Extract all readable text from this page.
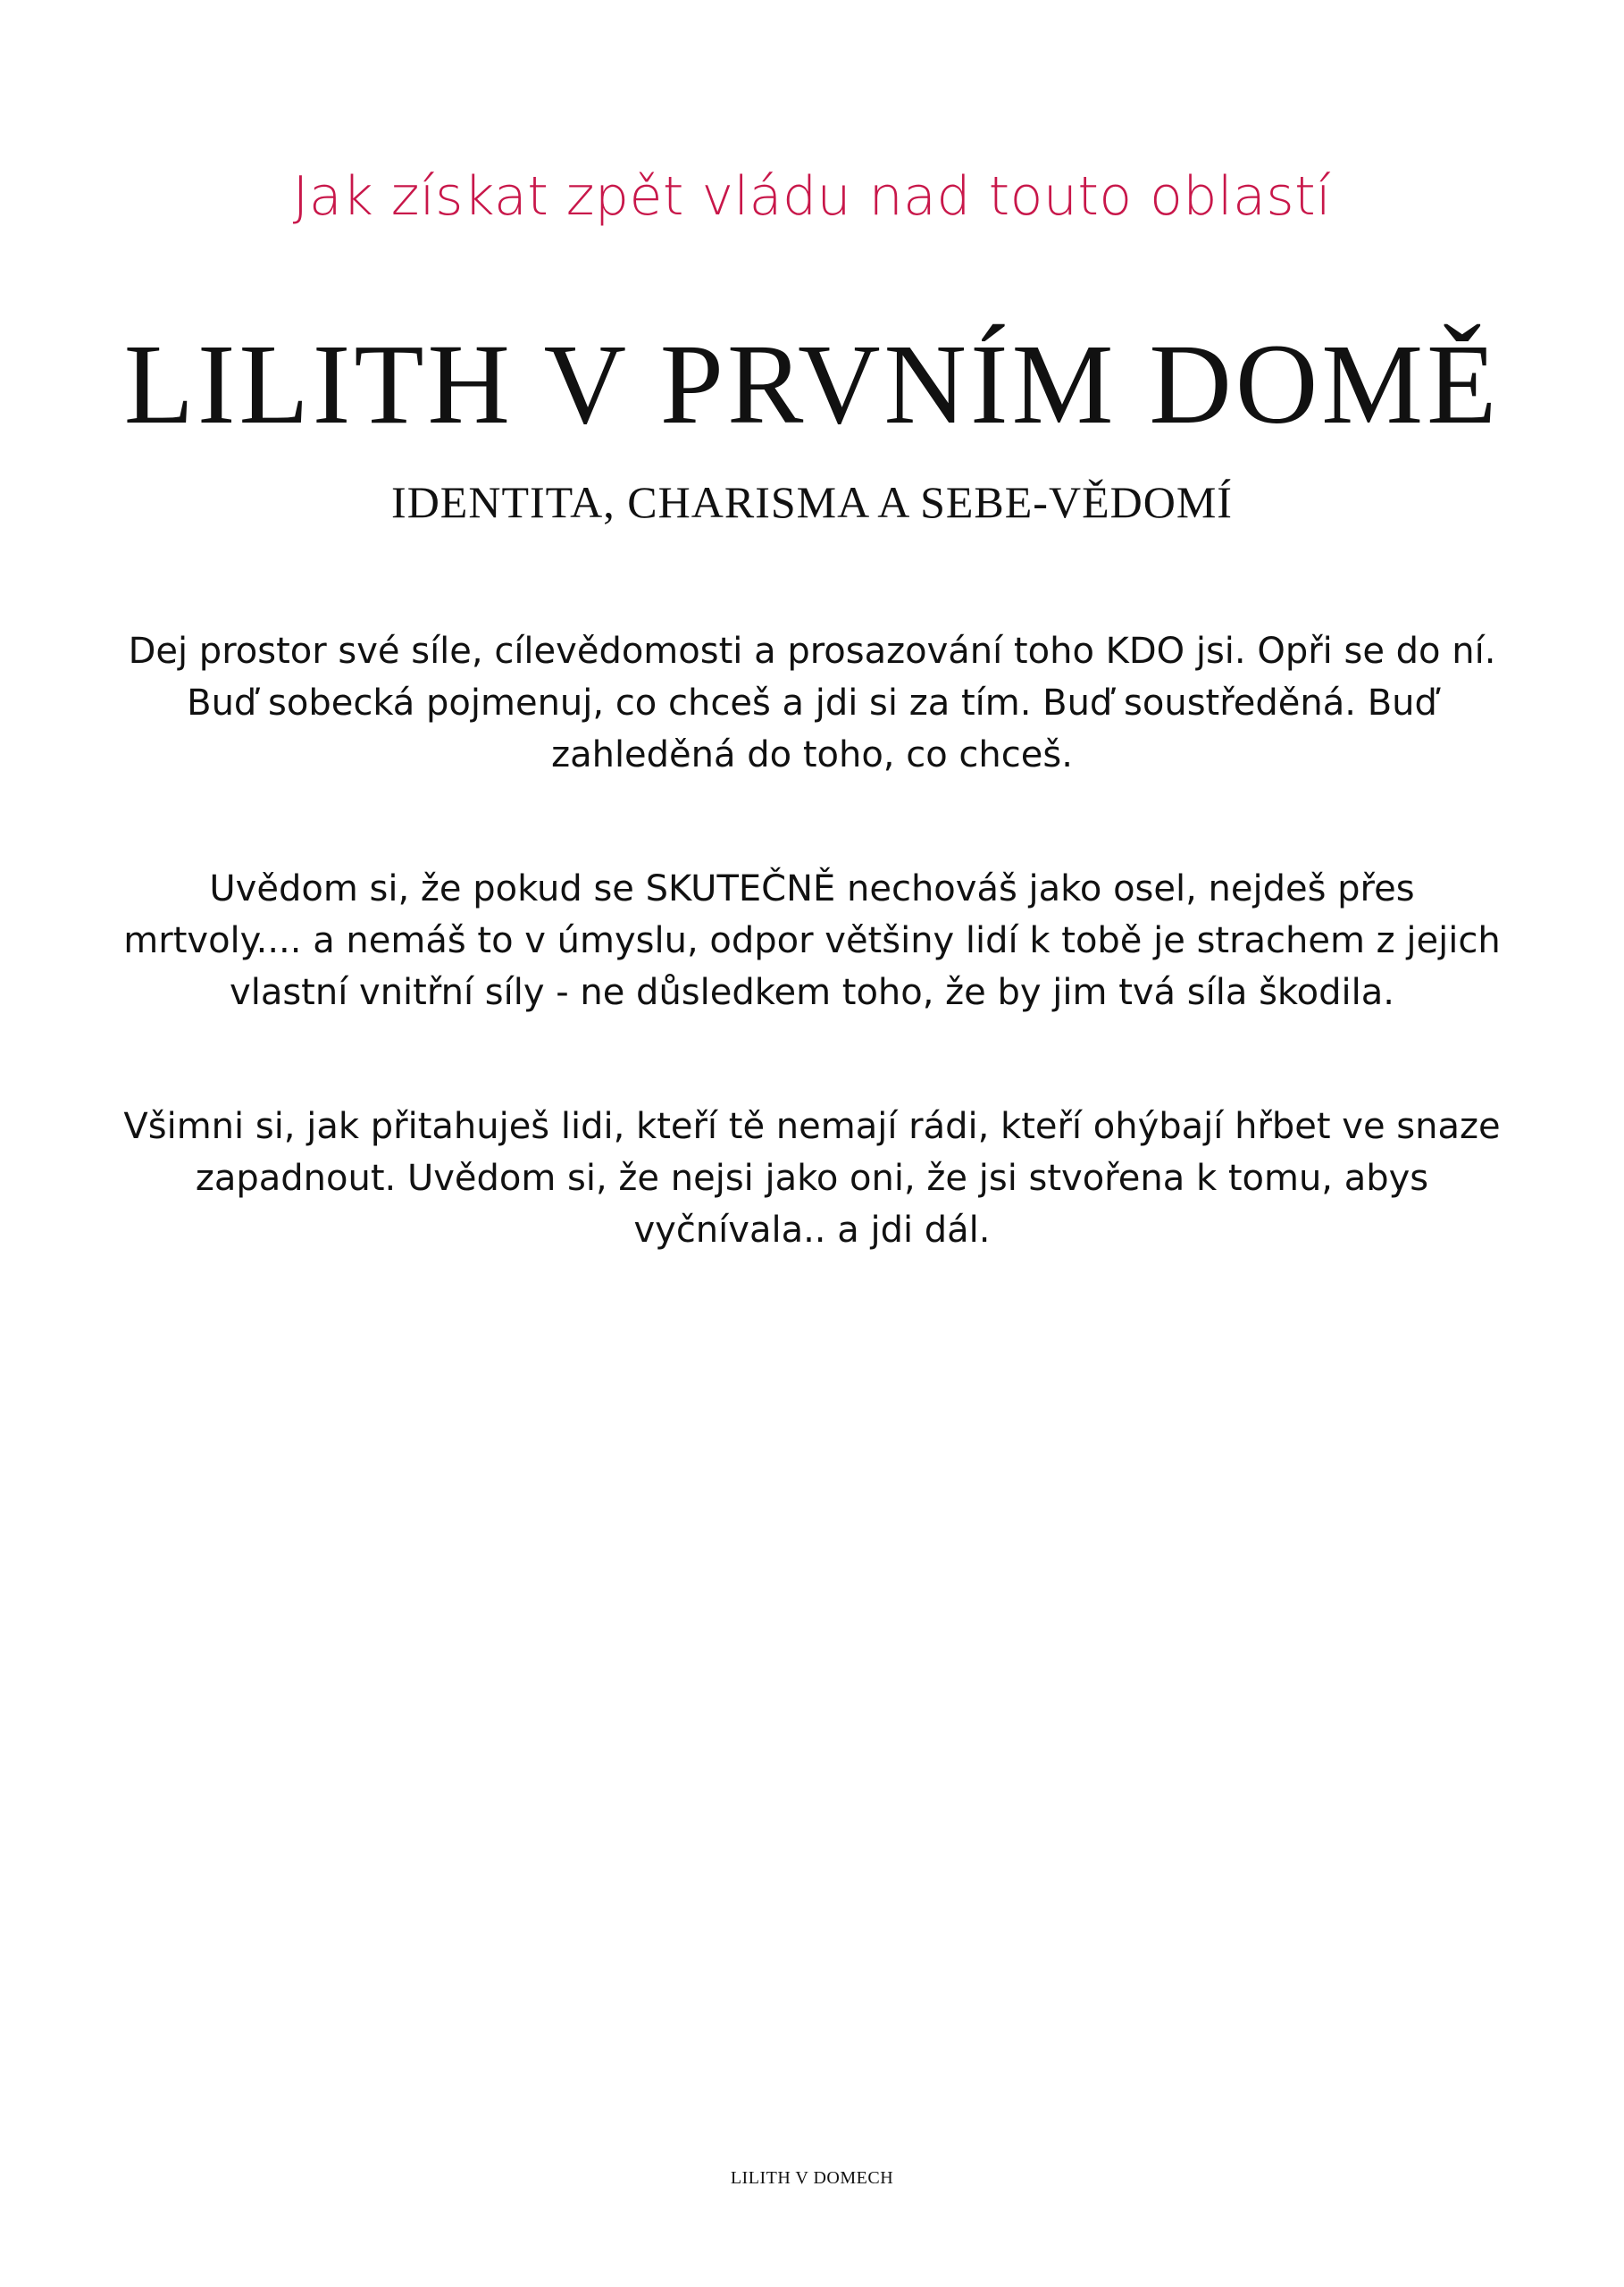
Jak získat zpět vládu nad touto oblastí
LILITH V PRVNÍM DOMĚ
IDENTITA, CHARISMA A SEBE-VĚDOMÍ

Dej prostor své síle, cílevědomosti a prosazování toho KDO jsi. Opři se do ní.
Buď sobecká pojmenuj, co chceš a jdi si za tím. Buď soustředěná. Buď
zahleděná do toho, co chceš.

Uvědom si, že pokud se SKUTEČNĚ nechováš jako osel, nejdeš přes
mrtvoly.... a nemáš to v úmyslu, odpor většiny lidí k tobě je strachem z jejich
vlastní vnitřní síly - ne důsledkem toho, že by jim tvá síla škodila.

Všimni si, jak přitahuješ lidi, kteří tě nemají rádi, kteří ohýbají hřbet ve snaze
zapadnout. Uvědom si, že nejsi jako oni, že jsi stvořena k tomu, abys
vyčnívala.. a jdi dál.

LILITH V DOMECH
